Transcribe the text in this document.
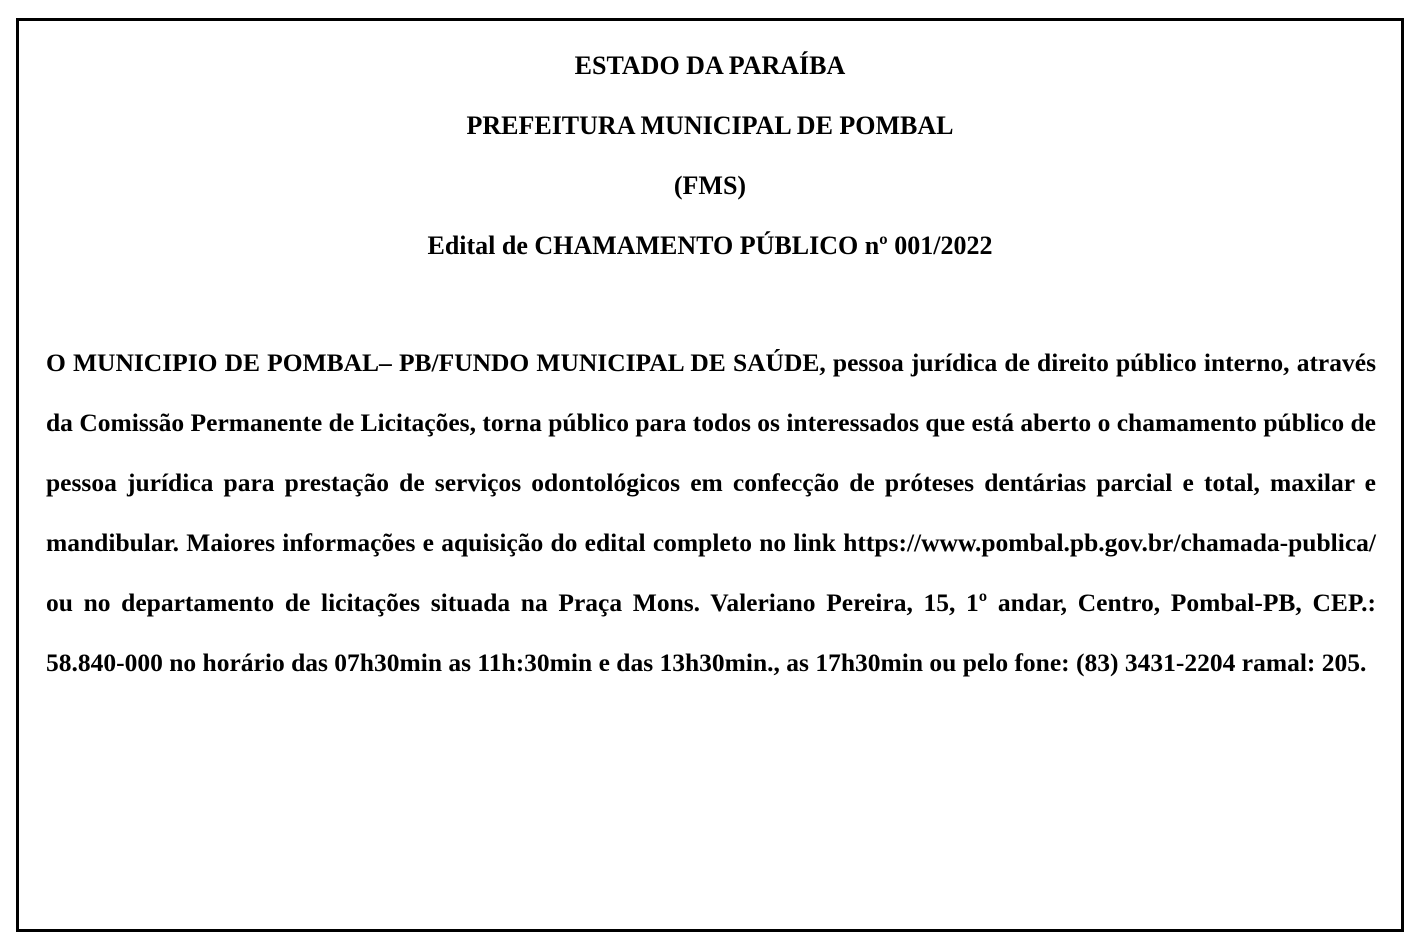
ESTADO DA PARAÍBA
PREFEITURA MUNICIPAL DE POMBAL
(FMS)
Edital de CHAMAMENTO PÚBLICO nº 001/2022

O MUNICIPIO DE POMBAL– PB/FUNDO MUNICIPAL DE SAÚDE, pessoa jurídica de direito público interno, através da Comissão Permanente de Licitações, torna público para todos os interessados que está aberto o chamamento público de pessoa jurídica para prestação de serviços odontológicos em confecção de próteses dentárias parcial e total, maxilar e mandibular. Maiores informações e aquisição do edital completo no link https://www.pombal.pb.gov.br/chamada-publica/ ou no departamento de licitações situada na Praça Mons. Valeriano Pereira, 15, 1º andar, Centro, Pombal-PB, CEP.: 58.840-000 no horário das 07h30min as 11h:30min e das 13h30min., as 17h30min ou pelo fone: (83) 3431-2204 ramal: 205.
